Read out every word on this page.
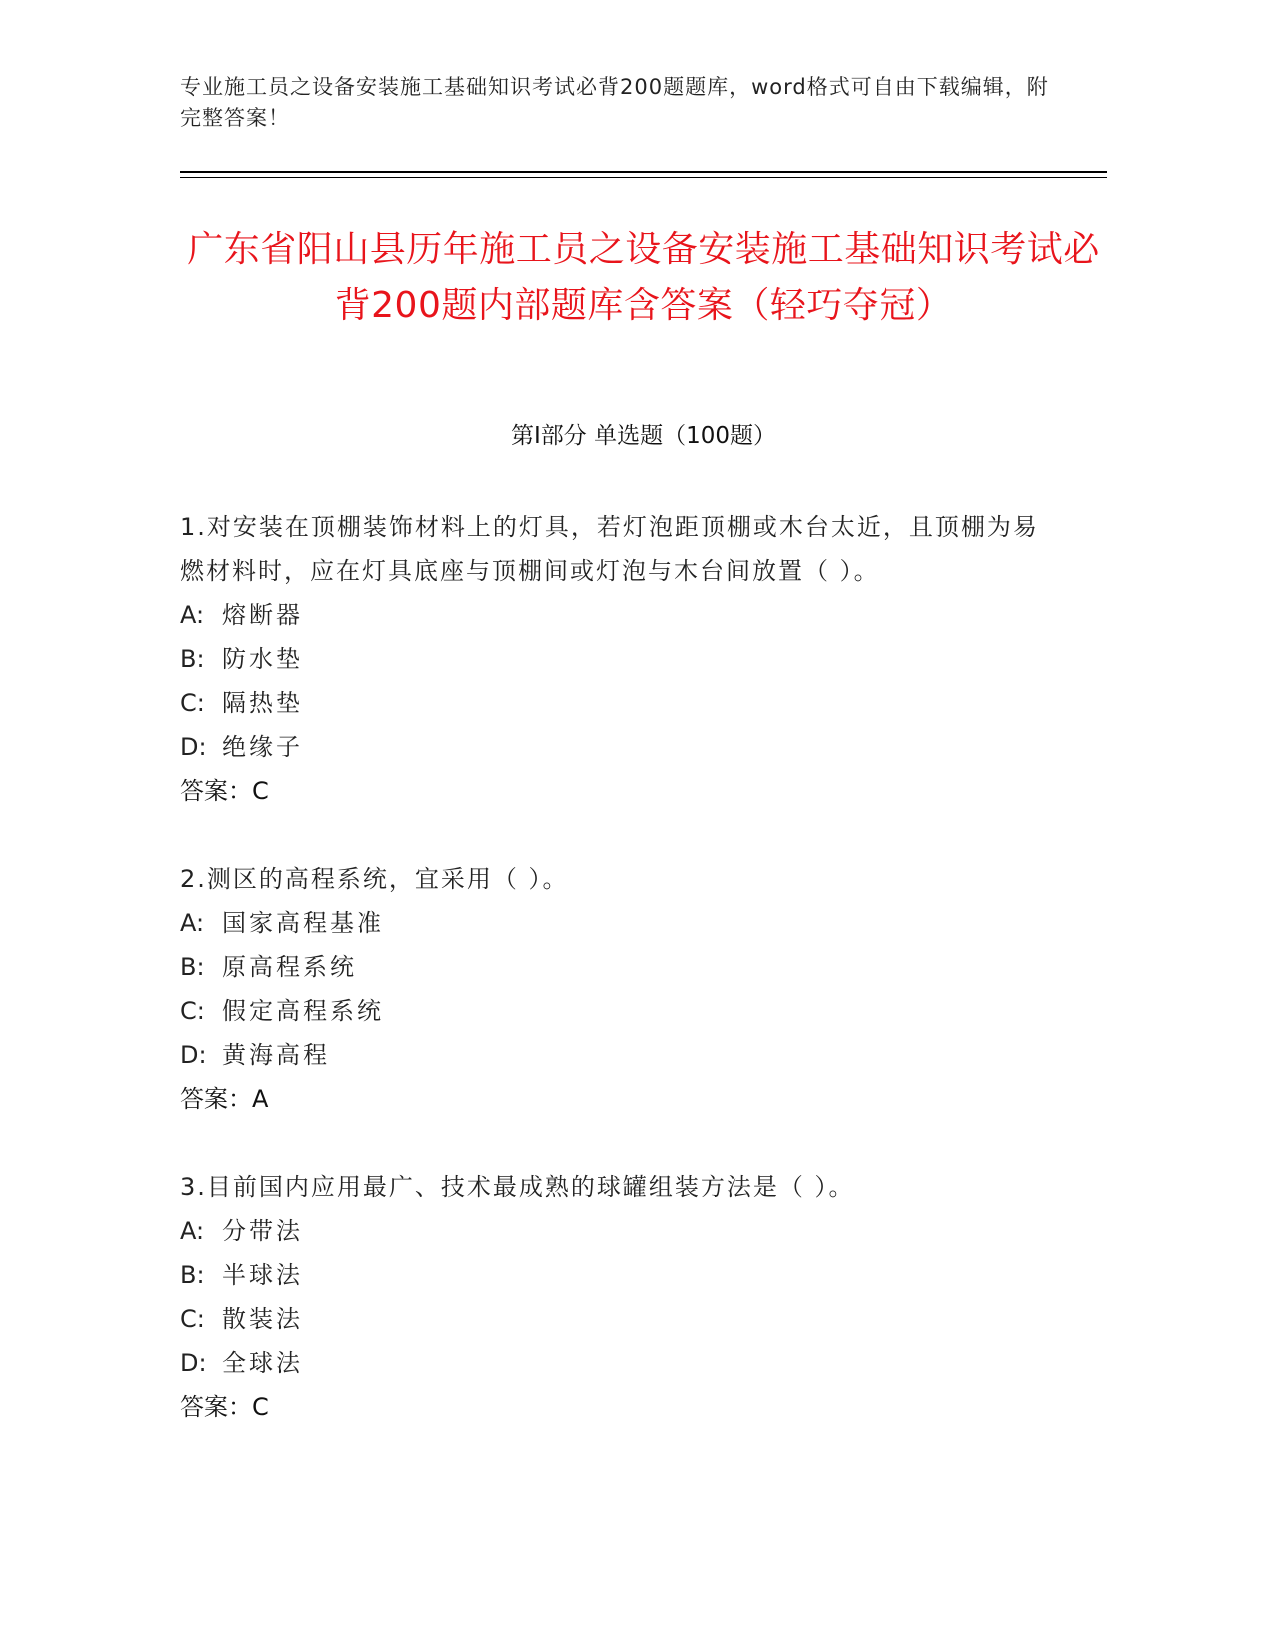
专业施工员之设备安装施工基础知识考试必背200题题库，word格式可自由下载编辑，附完整答案！
广东省阳山县历年施工员之设备安装施工基础知识考试必背200题内部题库含答案（轻巧夺冠）
第I部分 单选题（100题）
1.对安装在顶棚装饰材料上的灯具，若灯泡距顶棚或木台太近，且顶棚为易燃材料时，应在灯具底座与顶棚间或灯泡与木台间放置（ ）。
A: 熔断器
B: 防水垫
C: 隔热垫
D: 绝缘子
答案：C
2.测区的高程系统，宜采用（ ）。
A: 国家高程基准
B: 原高程系统
C: 假定高程系统
D: 黄海高程
答案：A
3.目前国内应用最广、技术最成熟的球罐组装方法是（ ）。
A: 分带法
B: 半球法
C: 散装法
D: 全球法
答案：C
